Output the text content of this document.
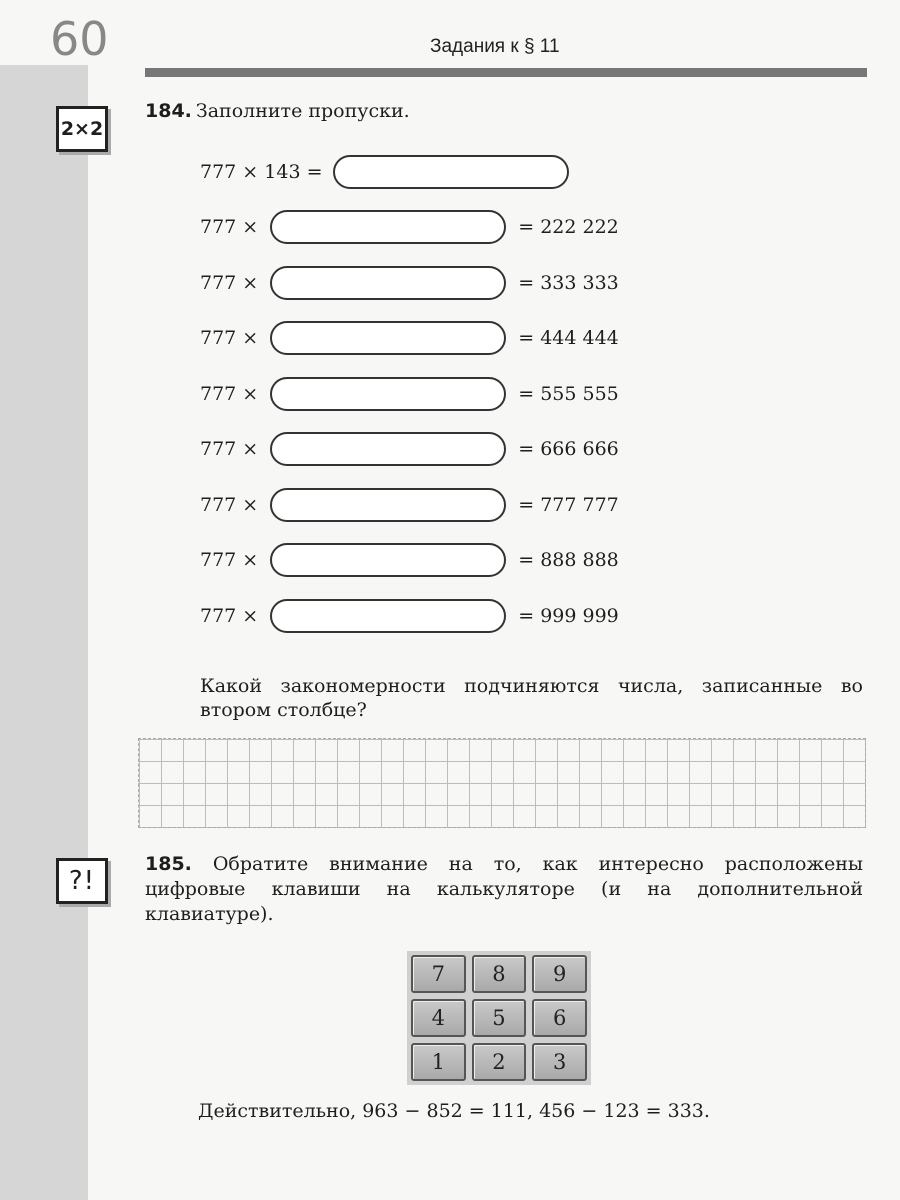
60	Задания к § 11
2×2
184. Заполните пропуски.
777 × 143 =
777 ×	= 222 222
777 ×	= 333 333
777 ×	= 444 444
777 ×	= 555 555
777 ×	= 666 666
777 ×	= 777 777
777 ×	= 888 888
777 ×	= 999 999
Какой закономерности подчиняются числа, записанные во втором столбце?
?!
185. Обратите внимание на то, как интересно расположены цифровые клавиши на калькуляторе (и на дополнительной клавиатуре).
7	8	9
4	5	6
1	2	3
Действительно, 963 − 852 = 111, 456 − 123 = 333.
